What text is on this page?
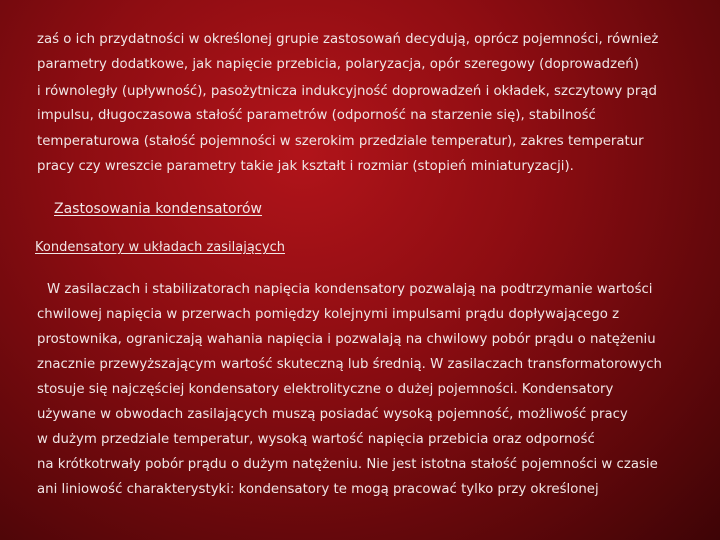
zaś o ich przydatności w określonej grupie zastosowań decydują, oprócz pojemności, również
parametry dodatkowe, jak napięcie przebicia, polaryzacja, opór szeregowy (doprowadzeń)
i równoległy (upływność), pasożytnicza indukcyjność doprowadzeń i okładek, szczytowy prąd
impulsu, długoczasowa stałość parametrów (odporność na starzenie się), stabilność
temperaturowa (stałość pojemności w szerokim przedziale temperatur), zakres temperatur
pracy czy wreszcie parametry takie jak kształt i rozmiar (stopień miniaturyzacji).
Zastosowania kondensatorów
Kondensatory w układach zasilających
W zasilaczach i stabilizatorach napięcia kondensatory pozwalają na podtrzymanie wartości
chwilowej napięcia w przerwach pomiędzy kolejnymi impulsami prądu dopływającego z
prostownika, ograniczają wahania napięcia i pozwalają na chwilowy pobór prądu o natężeniu
znacznie przewyższającym wartość skuteczną lub średnią. W zasilaczach transformatorowych
stosuje się najczęściej kondensatory elektrolityczne o dużej pojemności. Kondensatory
używane w obwodach zasilających muszą posiadać wysoką pojemność, możliwość pracy
w dużym przedziale temperatur, wysoką wartość napięcia przebicia oraz odporność
na krótkotrwały pobór prądu o dużym natężeniu. Nie jest istotna stałość pojemności w czasie
ani liniowość charakterystyki: kondensatory te mogą pracować tylko przy określonej
